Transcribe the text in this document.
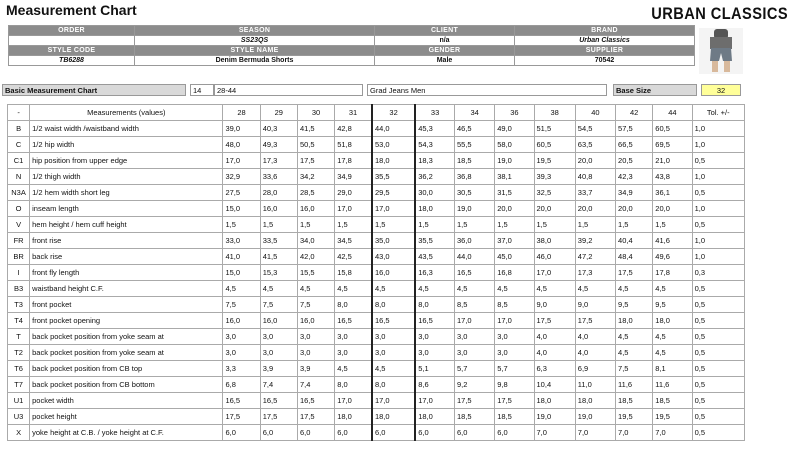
Measurement Chart	URBAN CLASSICS
ORDER	SEASON	CLIENT	BRAND
	SS23QS	n/a	Urban Classics
STYLE CODE	STYLE NAME	GENDER	SUPPLIER
TB6288	Denim Bermuda Shorts	Male	70542
Basic Measurement Chart	14	28-44	Grad Jeans Men	Base Size	32
-	Measurements (values)	28	29	30	31	32	33	34	36	38	40	42	44	Tol. +/-
B	1/2 waist width /waistband width	39,0	40,3	41,5	42,8	44,0	45,3	46,5	49,0	51,5	54,5	57,5	60,5	1,0
C	1/2 hip width	48,0	49,3	50,5	51,8	53,0	54,3	55,5	58,0	60,5	63,5	66,5	69,5	1,0
C1	hip position from upper edge	17,0	17,3	17,5	17,8	18,0	18,3	18,5	19,0	19,5	20,0	20,5	21,0	0,5
N	1/2 thigh width	32,9	33,6	34,2	34,9	35,5	36,2	36,8	38,1	39,3	40,8	42,3	43,8	1,0
N3A	1/2 hem width short leg	27,5	28,0	28,5	29,0	29,5	30,0	30,5	31,5	32,5	33,7	34,9	36,1	0,5
O	inseam length	15,0	16,0	16,0	17,0	17,0	18,0	19,0	20,0	20,0	20,0	20,0	20,0	1,0
V	hem height / hem cuff height	1,5	1,5	1,5	1,5	1,5	1,5	1,5	1,5	1,5	1,5	1,5	1,5	0,5
FR	front rise	33,0	33,5	34,0	34,5	35,0	35,5	36,0	37,0	38,0	39,2	40,4	41,6	1,0
BR	back rise	41,0	41,5	42,0	42,5	43,0	43,5	44,0	45,0	46,0	47,2	48,4	49,6	1,0
I	front fly length	15,0	15,3	15,5	15,8	16,0	16,3	16,5	16,8	17,0	17,3	17,5	17,8	0,3
B3	waistband height C.F.	4,5	4,5	4,5	4,5	4,5	4,5	4,5	4,5	4,5	4,5	4,5	4,5	0,5
T3	front pocket	7,5	7,5	7,5	8,0	8,0	8,0	8,5	8,5	9,0	9,0	9,5	9,5	0,5
T4	front pocket opening	16,0	16,0	16,0	16,5	16,5	16,5	17,0	17,0	17,5	17,5	18,0	18,0	0,5
T	back pocket position from yoke seam at	3,0	3,0	3,0	3,0	3,0	3,0	3,0	3,0	4,0	4,0	4,5	4,5	0,5
T2	back pocket position from yoke seam at	3,0	3,0	3,0	3,0	3,0	3,0	3,0	3,0	4,0	4,0	4,5	4,5	0,5
T6	back pocket position from CB top	3,3	3,9	3,9	4,5	4,5	5,1	5,7	5,7	6,3	6,9	7,5	8,1	0,5
T7	back pocket position from CB bottom	6,8	7,4	7,4	8,0	8,0	8,6	9,2	9,8	10,4	11,0	11,6	11,6	0,5
U1	pocket width	16,5	16,5	16,5	17,0	17,0	17,0	17,5	17,5	18,0	18,0	18,5	18,5	0,5
U3	pocket height	17,5	17,5	17,5	18,0	18,0	18,0	18,5	18,5	19,0	19,0	19,5	19,5	0,5
X	yoke height at C.B. / yoke height at C.F.	6,0	6,0	6,0	6,0	6,0	6,0	6,0	6,0	7,0	7,0	7,0	7,0	0,5
